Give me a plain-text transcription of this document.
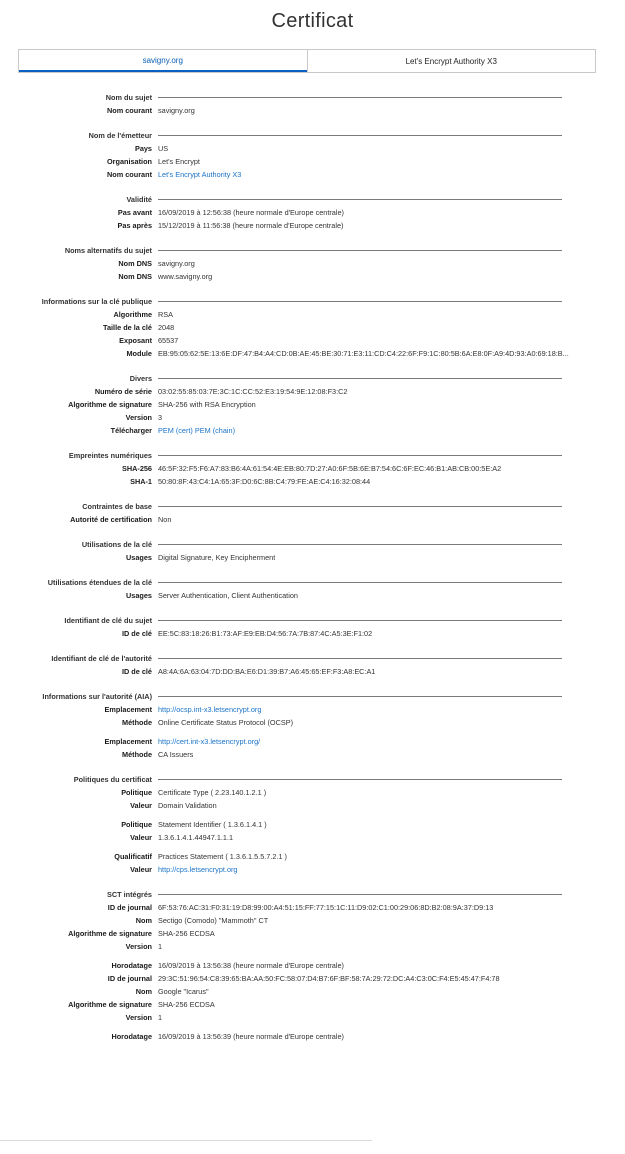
Certificat
savigny.org	Let's Encrypt Authority X3
Nom du sujet
Nom courant savigny.org
Nom de l'émetteur
Pays US
Organisation Let's Encrypt
Nom courant Let's Encrypt Authority X3
Validité
Pas avant 16/09/2019 à 12:56:38 (heure normale d'Europe centrale)
Pas après 15/12/2019 à 11:56:38 (heure normale d'Europe centrale)
Noms alternatifs du sujet
Nom DNS savigny.org
Nom DNS www.savigny.org
Informations sur la clé publique
Algorithme RSA
Taille de la clé 2048
Exposant 65537
Module EB:95:05:62:5E:13:6E:DF:47:B4:A4:CD:0B:AE:45:BE:30:71:E3:11:CD:C4:22:6F:F9:1C:80:5B:6A:E8:0F:A9:4D:93:A0:69:18:B...
Divers
Numéro de série 03:02:55:85:03:7E:3C:1C:CC:52:E3:19:54:9E:12:08:F3:C2
Algorithme de signature SHA-256 with RSA Encryption
Version 3
Télécharger PEM (cert) PEM (chain)
Empreintes numériques
SHA-256 46:5F:32:F5:F6:A7:83:B6:4A:61:54:4E:EB:80:7D:27:A0:6F:5B:6E:B7:54:6C:6F:EC:46:B1:AB:CB:00:5E:A2
SHA-1 50:80:8F:43:C4:1A:65:3F:D0:6C:8B:C4:79:FE:AE:C4:16:32:08:44
Contraintes de base
Autorité de certification Non
Utilisations de la clé
Usages Digital Signature, Key Encipherment
Utilisations étendues de la clé
Usages Server Authentication, Client Authentication
Identifiant de clé du sujet
ID de clé EE:5C:83:18:26:B1:73:AF:E9:EB:D4:56:7A:7B:87:4C:A5:3E:F1:02
Identifiant de clé de l'autorité
ID de clé A8:4A:6A:63:04:7D:DD:BA:E6:D1:39:B7:A6:45:65:EF:F3:A8:EC:A1
Informations sur l'autorité (AIA)
Emplacement http://ocsp.int-x3.letsencrypt.org
Méthode Online Certificate Status Protocol (OCSP)
Emplacement http://cert.int-x3.letsencrypt.org/
Méthode CA Issuers
Politiques du certificat
Politique Certificate Type ( 2.23.140.1.2.1 )
Valeur Domain Validation
Politique Statement Identifier ( 1.3.6.1.4.1 )
Valeur 1.3.6.1.4.1.44947.1.1.1
Qualificatif Practices Statement ( 1.3.6.1.5.5.7.2.1 )
Valeur http://cps.letsencrypt.org
SCT intégrés
ID de journal 6F:53:76:AC:31:F0:31:19:D8:99:00:A4:51:15:FF:77:15:1C:11:D9:02:C1:00:29:06:8D:B2:08:9A:37:D9:13
Nom Sectigo (Comodo) "Mammoth" CT
Algorithme de signature SHA-256 ECDSA
Version 1
Horodatage 16/09/2019 à 13:56:38 (heure normale d'Europe centrale)
ID de journal 29:3C:51:96:54:C8:39:65:BA:AA:50:FC:58:07:D4:B7:6F:BF:58:7A:29:72:DC:A4:C3:0C:F4:E5:45:47:F4:78
Nom Google "Icarus"
Algorithme de signature SHA-256 ECDSA
Version 1
Horodatage 16/09/2019 à 13:56:39 (heure normale d'Europe centrale)
